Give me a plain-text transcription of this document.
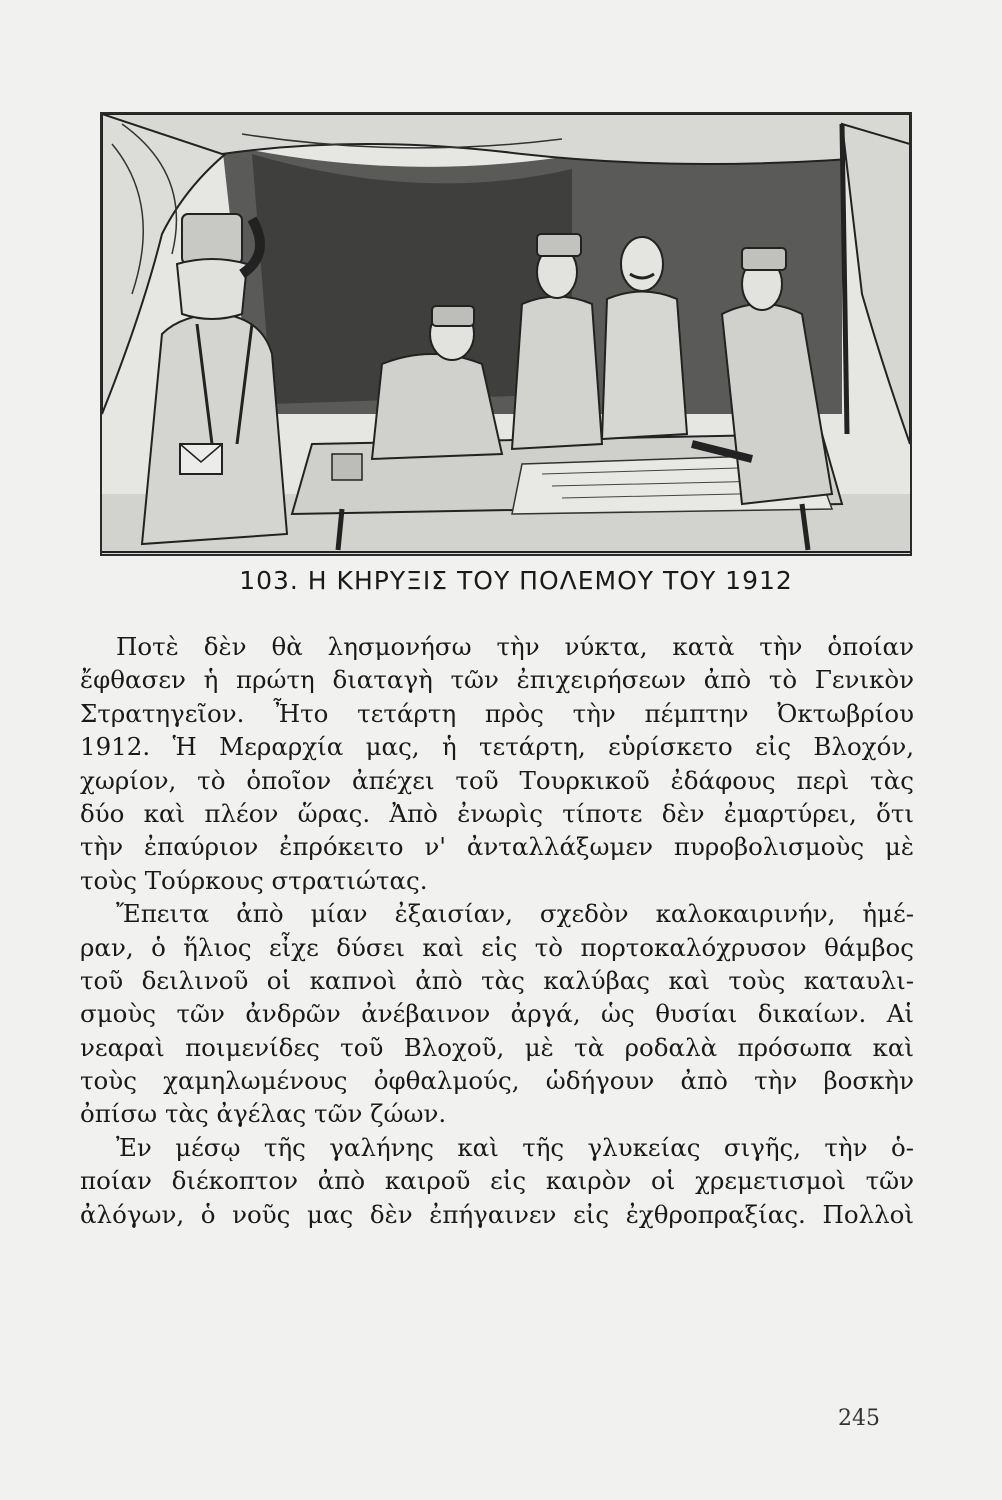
103. Η ΚΗΡΥΞΙΣ ΤΟΥ ΠΟΛΕΜΟΥ ΤΟΥ 1912
Ποτὲ δὲν θὰ λησμονήσω τὴν νύκτα, κατὰ τὴν ὁποίαν
ἔφθασεν ἡ πρώτη διαταγὴ τῶν ἐπιχειρήσεων ἀπὸ τὸ Γενικὸν
Στρατηγεῖον. Ἦτο τετάρτη πρὸς τὴν πέμπτην Ὀκτωβρίου
1912. Ἡ Μεραρχία μας, ἡ τετάρτη, εὑρίσκετο εἰς Βλοχόν,
χωρίον, τὸ ὁποῖον ἀπέχει τοῦ Τουρκικοῦ ἐδάφους περὶ τὰς
δύο καὶ πλέον ὥρας. Ἀπὸ ἐνωρὶς τίποτε δὲν ἐμαρτύρει, ὅτι
τὴν ἐπαύριον ἐπρόκειτο ν' ἀνταλλάξωμεν πυροβολισμοὺς μὲ
τοὺς Τούρκους στρατιώτας.
Ἔπειτα ἀπὸ μίαν ἐξαισίαν, σχεδὸν καλοκαιρινήν, ἡμέ-
ραν, ὁ ἥλιος εἶχε δύσει καὶ εἰς τὸ πορτοκαλόχρυσον θάμβος
τοῦ δειλινοῦ οἱ καπνοὶ ἀπὸ τὰς καλύβας καὶ τοὺς καταυλι-
σμοὺς τῶν ἀνδρῶν ἀνέβαινον ἀργά, ὡς θυσίαι δικαίων. Αἱ
νεαραὶ ποιμενίδες τοῦ Βλοχοῦ, μὲ τὰ ροδαλὰ πρόσωπα καὶ
τοὺς χαμηλωμένους ὀφθαλμούς, ὡδήγουν ἀπὸ τὴν βοσκὴν
ὀπίσω τὰς ἀγέλας τῶν ζώων.
Ἐν μέσῳ τῆς γαλήνης καὶ τῆς γλυκείας σιγῆς, τὴν ὁ-
ποίαν διέκοπτον ἀπὸ καιροῦ εἰς καιρὸν οἱ χρεμετισμοὶ τῶν
ἀλόγων, ὁ νοῦς μας δὲν ἐπήγαινεν εἰς ἐχθροπραξίας. Πολλοὶ
245
